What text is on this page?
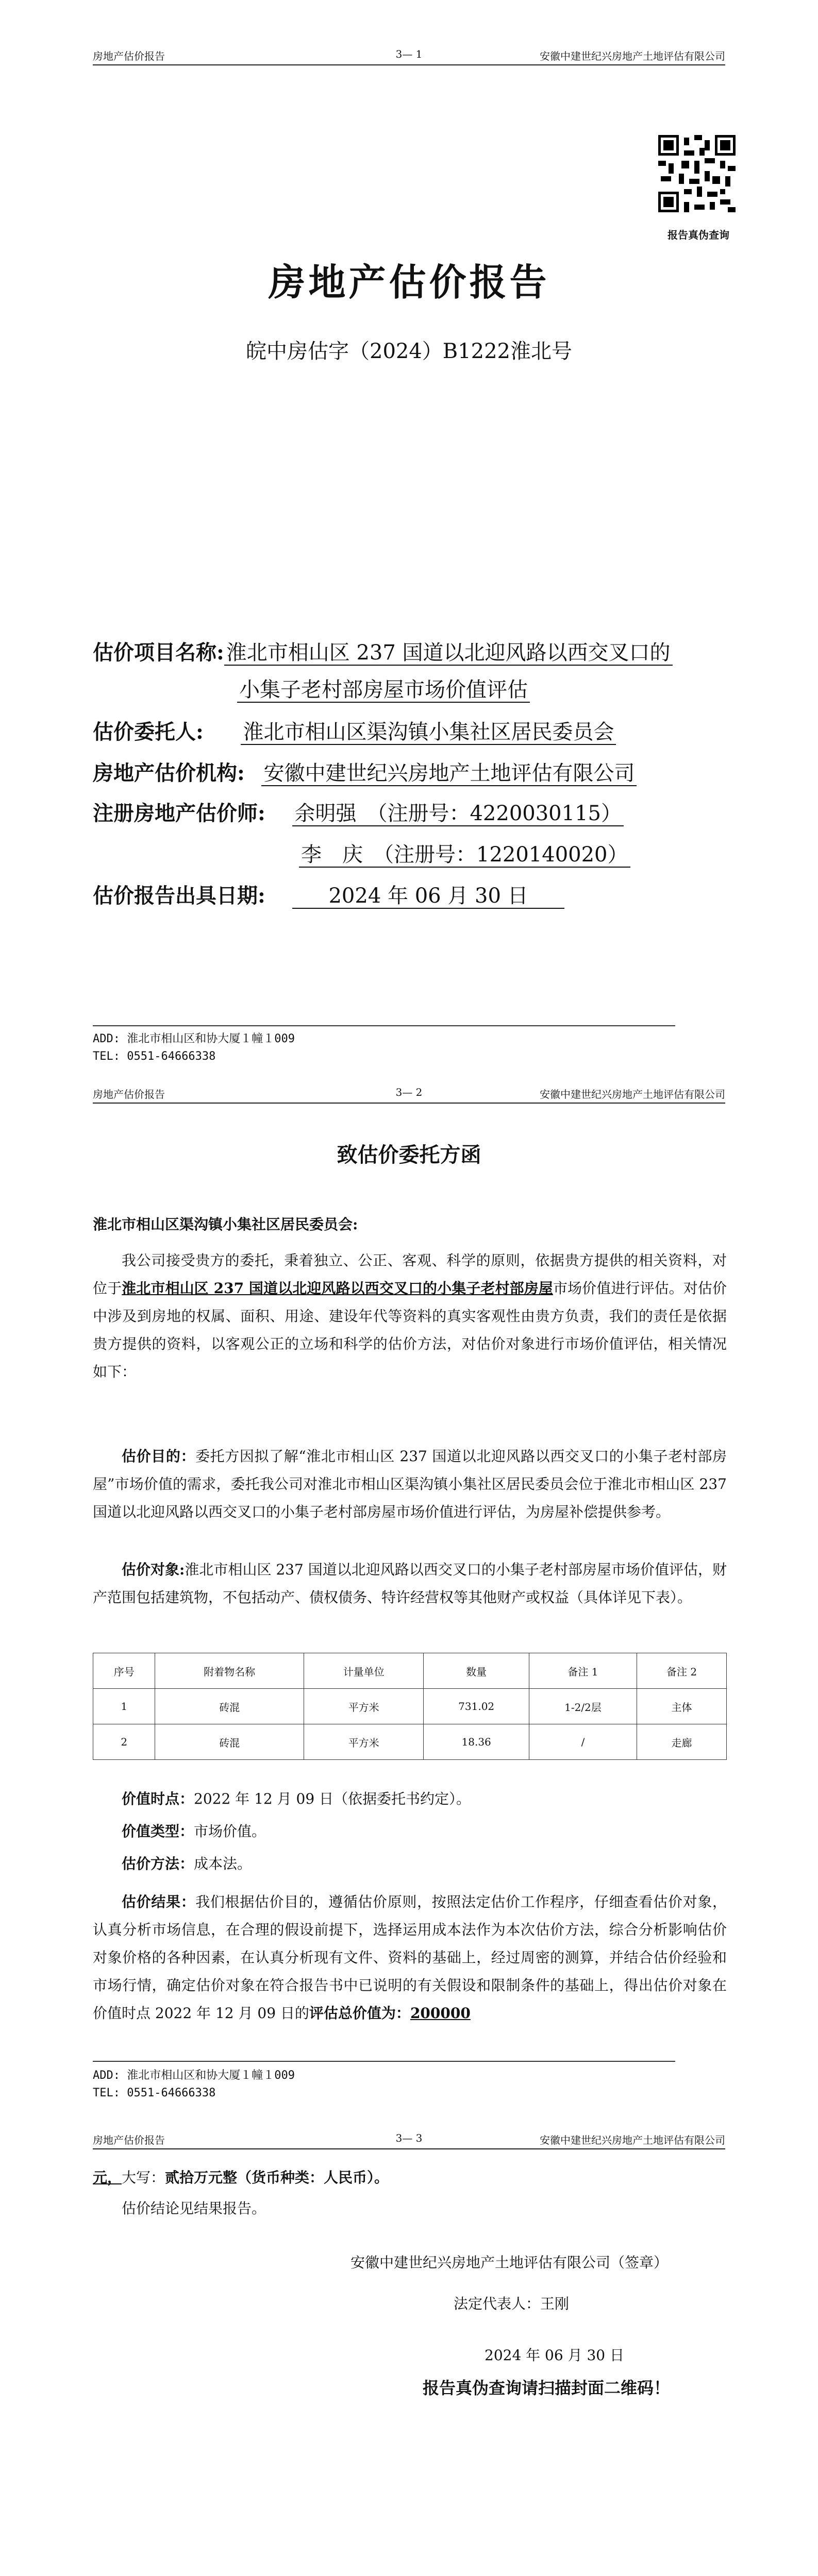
房地产估价报告	3— 1	安徽中建世纪兴房地产土地评估有限公司
报告真伪查询
房地产估价报告
皖中房估字（2024）B1222淮北号
估价项目名称: 淮北市相山区 237 国道以北迎风路以西交叉口的
小集子老村部房屋市场价值评估
估价委托人: 淮北市相山区渠沟镇小集社区居民委员会
房地产估价机构: 安徽中建世纪兴房地产土地评估有限公司
注册房地产估价师: 余明强　（注册号：4220030115）
李　庆　（注册号：1220140020）
估价报告出具日期:	2024 年 06 月 30 日
ADD: 淮北市相山区和协大厦１幢１009
TEL: 0551-64666338
房地产估价报告	3— 2	安徽中建世纪兴房地产土地评估有限公司
致估价委托方函
淮北市相山区渠沟镇小集社区居民委员会:
我公司接受贵方的委托，秉着独立、公正、客观、科学的原则，依据贵方提供的相关资料，对位于淮北市相山区 237 国道以北迎风路以西交叉口的小集子老村部房屋市场价值进行评估。对估价中涉及到房地的权属、面积、用途、建设年代等资料的真实客观性由贵方负责，我们的责任是依据贵方提供的资料，以客观公正的立场和科学的估价方法，对估价对象进行市场价值评估，相关情况如下：
估价目的：委托方因拟了解“淮北市相山区 237 国道以北迎风路以西交叉口的小集子老村部房屋”市场价值的需求，委托我公司对淮北市相山区渠沟镇小集社区居民委员会位于淮北市相山区 237 国道以北迎风路以西交叉口的小集子老村部房屋市场价值进行评估，为房屋补偿提供参考。
估价对象:淮北市相山区 237 国道以北迎风路以西交叉口的小集子老村部房屋市场价值评估，财产范围包括建筑物，不包括动产、债权债务、特许经营权等其他财产或权益（具体详见下表）。
序号	附着物名称	计量单位	数量	备注 1	备注 2
1	砖混	平方米	731.02	1-2/2层	主体
2	砖混	平方米	18.36	/	走廊
价值时点：2022 年 12 月 09 日（依据委托书约定）。
价值类型：市场价值。
估价方法：成本法。
估价结果：我们根据估价目的，遵循估价原则，按照法定估价工作程序，仔细查看估价对象，认真分析市场信息，在合理的假设前提下，选择运用成本法作为本次估价方法，综合分析影响估价对象价格的各种因素，在认真分析现有文件、资料的基础上，经过周密的测算，并结合估价经验和市场行情，确定估价对象在符合报告书中已说明的有关假设和限制条件的基础上，得出估价对象在价值时点 2022 年 12 月 09 日的评估总价值为：200000
ADD: 淮北市相山区和协大厦１幢１009
TEL: 0551-64666338
房地产估价报告	3— 3	安徽中建世纪兴房地产土地评估有限公司
元，大写：贰拾万元整（货币种类：人民币）。
估价结论见结果报告。
安徽中建世纪兴房地产土地评估有限公司（签章）
法定代表人：王刚
2024 年 06 月 30 日
报告真伪查询请扫描封面二维码！
